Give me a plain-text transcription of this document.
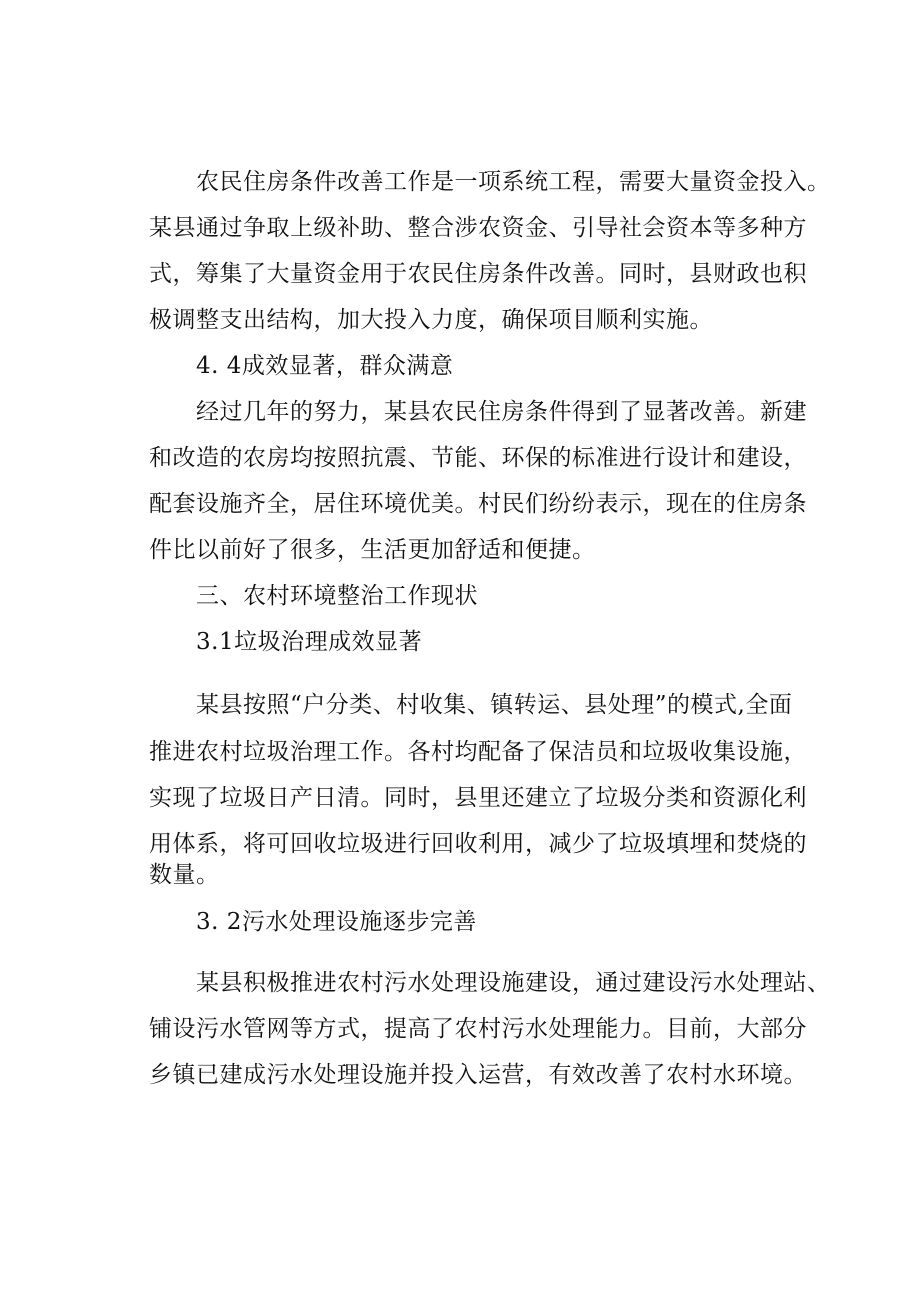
农民住房条件改善工作是一项系统工程，需要大量资金投入。
某县通过争取上级补助、整合涉农资金、引导社会资本等多种方
式，筹集了大量资金用于农民住房条件改善。同时，县财政也积
极调整支出结构，加大投入力度，确保项目顺利实施。
4. 4成效显著，群众满意
经过几年的努力，某县农民住房条件得到了显著改善。新建
和改造的农房均按照抗震、节能、环保的标准进行设计和建设，
配套设施齐全，居住环境优美。村民们纷纷表示，现在的住房条
件比以前好了很多，生活更加舒适和便捷。
三、农村环境整治工作现状
3.1垃圾治理成效显著
某县按照“户分类、村收集、镇转运、县处理”的模式,全面
推进农村垃圾治理工作。各村均配备了保洁员和垃圾收集设施，
实现了垃圾日产日清。同时，县里还建立了垃圾分类和资源化利
用体系，将可回收垃圾进行回收利用，减少了垃圾填埋和焚烧的
数量。
3. 2污水处理设施逐步完善
某县积极推进农村污水处理设施建设，通过建设污水处理站、
铺设污水管网等方式，提高了农村污水处理能力。目前，大部分
乡镇已建成污水处理设施并投入运营，有效改善了农村水环境。
